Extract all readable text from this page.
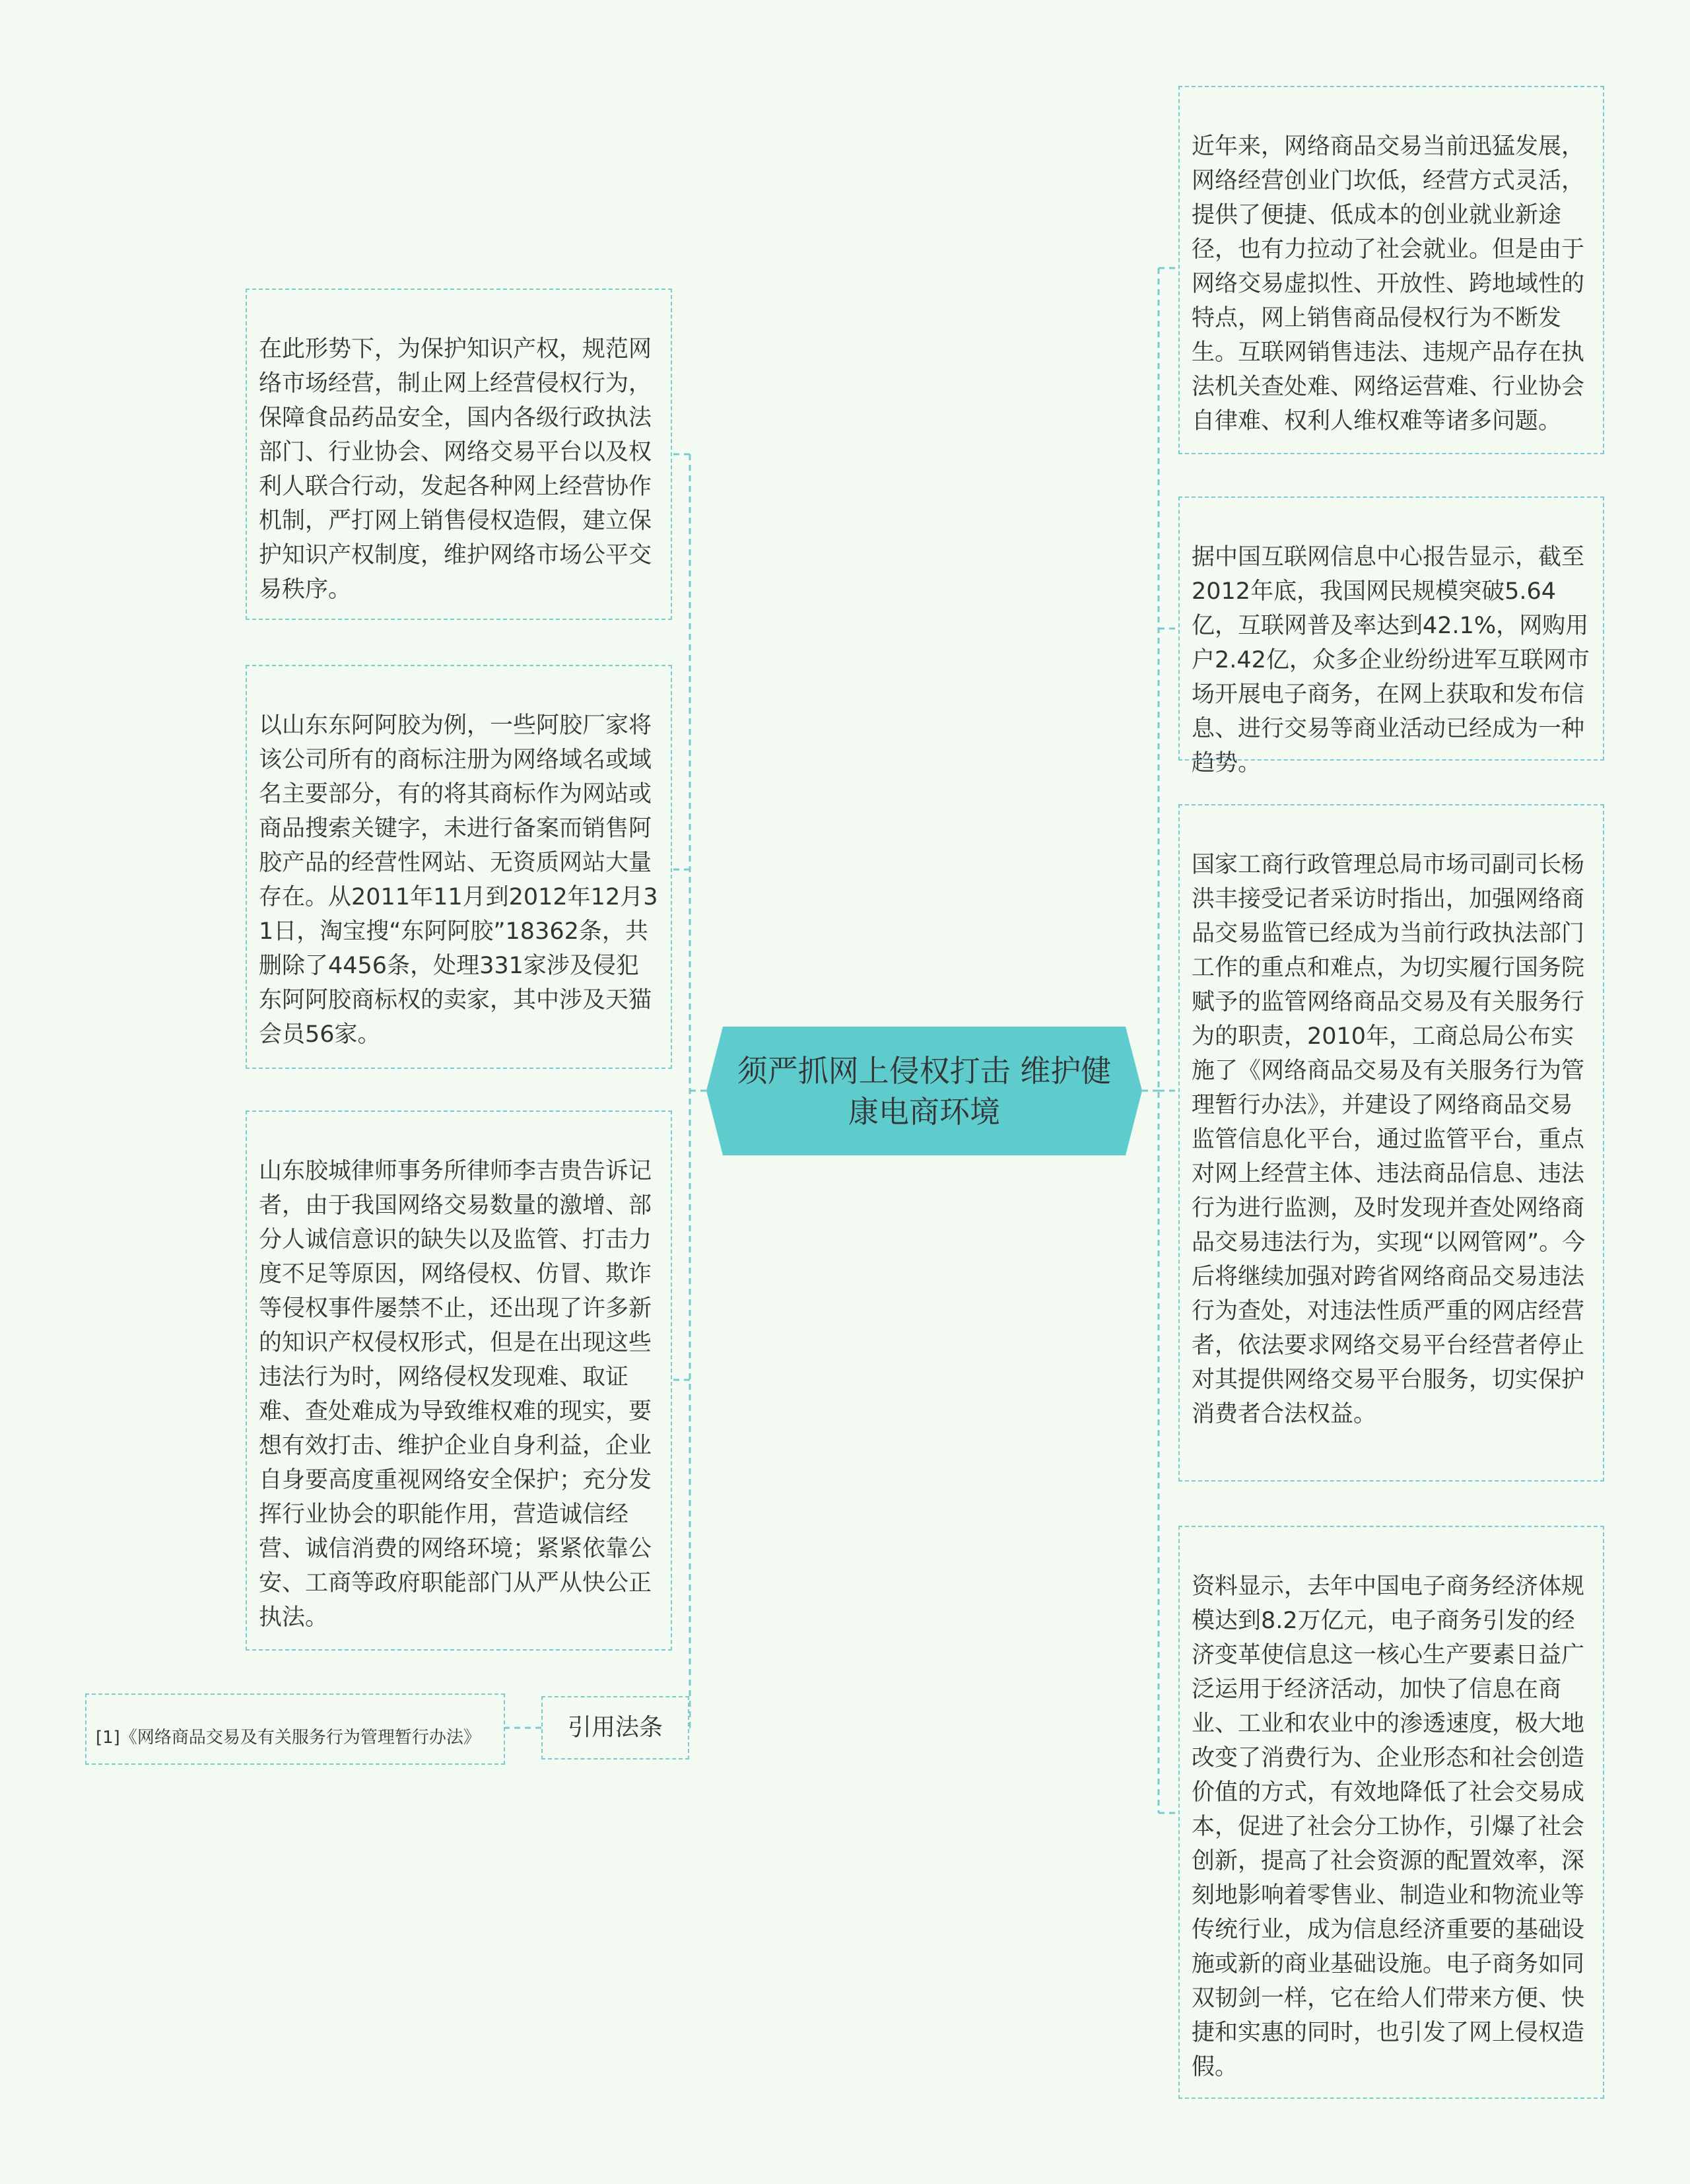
须严抓网上侵权打击 维护健康电商环境

在此形势下，为保护知识产权，规范网络市场经营，制止网上经营侵权行为，保障食品药品安全，国内各级行政执法部门、行业协会、网络交易平台以及权利人联合行动，发起各种网上经营协作机制，严打网上销售侵权造假，建立保护知识产权制度，维护网络市场公平交易秩序。

以山东东阿阿胶为例，一些阿胶厂家将该公司所有的商标注册为网络域名或域名主要部分，有的将其商标作为网站或商品搜索关键字，未进行备案而销售阿胶产品的经营性网站、无资质网站大量存在。从2011年11月到2012年12月31日，淘宝搜“东阿阿胶”18362条，共删除了4456条，处理331家涉及侵犯东阿阿胶商标权的卖家，其中涉及天猫会员56家。

山东胶城律师事务所律师李吉贵告诉记者，由于我国网络交易数量的激增、部分人诚信意识的缺失以及监管、打击力度不足等原因，网络侵权、仿冒、欺诈等侵权事件屡禁不止，还出现了许多新的知识产权侵权形式，但是在出现这些违法行为时，网络侵权发现难、取证难、查处难成为导致维权难的现实，要想有效打击、维护企业自身利益，企业自身要高度重视网络安全保护；充分发挥行业协会的职能作用，营造诚信经营、诚信消费的网络环境；紧紧依靠公安、工商等政府职能部门从严从快公正执法。

引用法条

[1]《网络商品交易及有关服务行为管理暂行办法》

近年来，网络商品交易当前迅猛发展，网络经营创业门坎低，经营方式灵活，提供了便捷、低成本的创业就业新途径，也有力拉动了社会就业。但是由于网络交易虚拟性、开放性、跨地域性的特点，网上销售商品侵权行为不断发生。互联网销售违法、违规产品存在执法机关查处难、网络运营难、行业协会自律难、权利人维权难等诸多问题。

据中国互联网信息中心报告显示，截至2012年底，我国网民规模突破5.64亿，互联网普及率达到42.1%，网购用户2.42亿，众多企业纷纷进军互联网市场开展电子商务，在网上获取和发布信息、进行交易等商业活动已经成为一种趋势。

国家工商行政管理总局市场司副司长杨洪丰接受记者采访时指出，加强网络商品交易监管已经成为当前行政执法部门工作的重点和难点，为切实履行国务院赋予的监管网络商品交易及有关服务行为的职责，2010年，工商总局公布实施了《网络商品交易及有关服务行为管理暂行办法》，并建设了网络商品交易监管信息化平台，通过监管平台，重点对网上经营主体、违法商品信息、违法行为进行监测，及时发现并查处网络商品交易违法行为，实现“以网管网”。今后将继续加强对跨省网络商品交易违法行为查处，对违法性质严重的网店经营者，依法要求网络交易平台经营者停止对其提供网络交易平台服务，切实保护消费者合法权益。

资料显示，去年中国电子商务经济体规模达到8.2万亿元，电子商务引发的经济变革使信息这一核心生产要素日益广泛运用于经济活动，加快了信息在商业、工业和农业中的渗透速度，极大地改变了消费行为、企业形态和社会创造价值的方式，有效地降低了社会交易成本，促进了社会分工协作，引爆了社会创新，提高了社会资源的配置效率，深刻地影响着零售业、制造业和物流业等传统行业，成为信息经济重要的基础设施或新的商业基础设施。电子商务如同双韧剑一样，它在给人们带来方便、快捷和实惠的同时，也引发了网上侵权造假。
